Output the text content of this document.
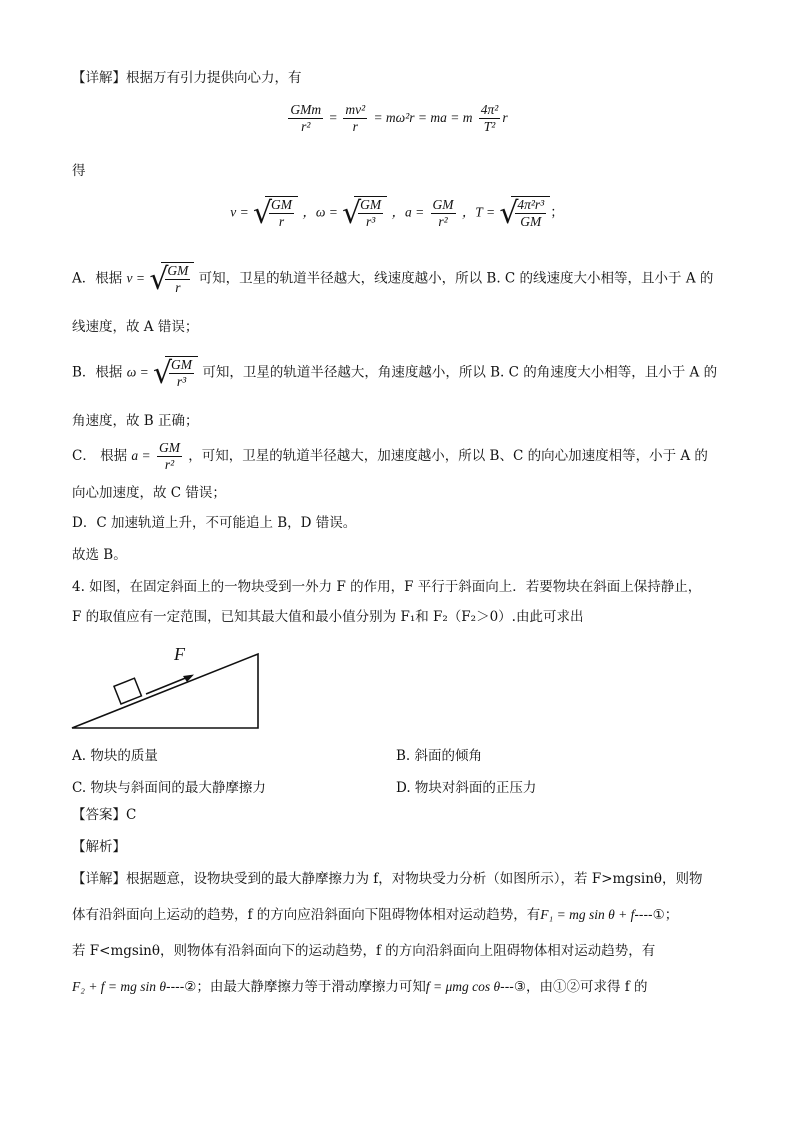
【详解】根据万有引力提供向心力，有
$\frac{\text{GMm}}{\text{r²}} = \frac{\text{mv²}}{r} = m\omega^2r$ = ma = m $\frac{\text{4π²}}{\text{T²}}$ r
得
v = √
$\frac{GM}{r}$ ，ω = √
$\frac{GM}{\text{r³}}$ ，$a = \frac{GM}{\text{r²}}$ ，T = √
$\frac{\text{4π²r³}}{GM}$ ；
A．根据 v = √
$\frac{GM}{r}$ 可知，卫星的轨道半径越大，线速度越小，所以 B. C 的线速度大小相等，且小于 A 的
线速度，故 A 错误；
B．根据 ω = √
$\frac{GM}{\text{r³}}$ 可知，卫星的轨道半径越大，角速度越小，所以 B. C 的角速度大小相等，且小于 A 的
角速度，故 B 正确；
C． 根据 $a = \frac{GM}{\text{r²}}$ ，可知，卫星的轨道半径越大，加速度越小，所以 B、C 的向心加速度相等，小于 A 的
向心加速度，故 C 错误；
D．C 加速轨道上升，不可能追上 B，D 错误。
故选 B。
4. 如图，在固定斜面上的一物块受到一外力 F 的作用，F 平行于斜面向上．若要物块在斜面上保持静止，
F 的取值应有一定范围，已知其最大值和最小值分别为 F₁和 F₂（F₂＞0）.由此可求出
F
A. 物块的质量	B. 斜面的倾角
C. 物块与斜面间的最大静摩擦力	D. 物块对斜面的正压力
【答案】C
【解析】
【详解】根据题意，设物块受到的最大静摩擦力为 f，对物块受力分析（如图所示），若 F>mgsinθ，则物
体有沿斜面向上运动的趋势，f 的方向应沿斜面向下阻碍物体相对运动趋势，有F₁ = mg sin θ + f----①；
若 F<mgsinθ，则物体有沿斜面向下的运动趋势，f 的方向沿斜面向上阻碍物体相对运动趋势，有
F₂ + f = mg sin θ----②；由最大静摩擦力等于滑动摩擦力可知f = μmg cos θ---③，由①②可求得 f 的
